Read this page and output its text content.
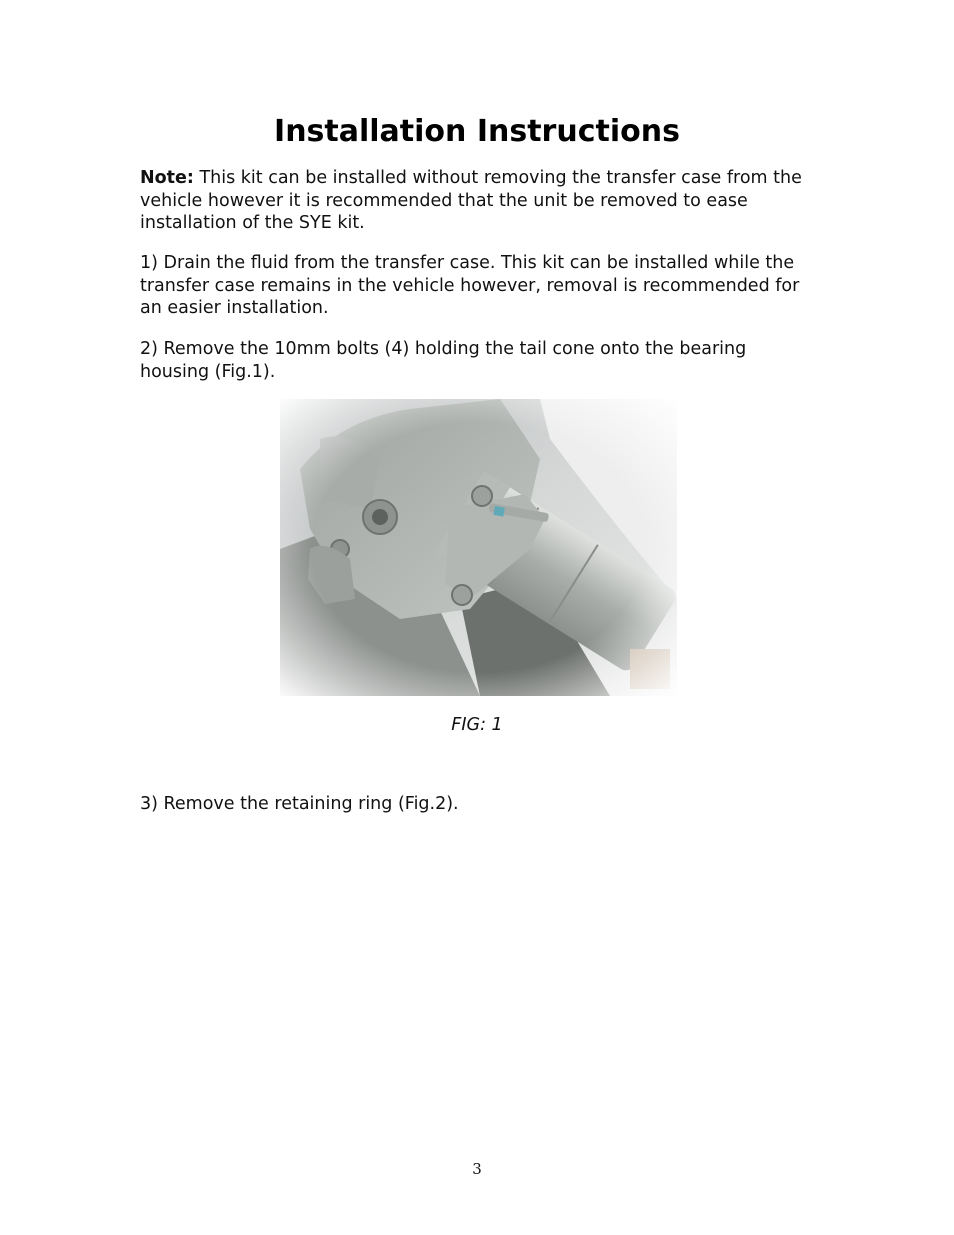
Installation Instructions

Note: This kit can be installed without removing the transfer case from the vehicle however it is recommended that the unit be removed to ease installation of the SYE kit.

1) Drain the fluid from the transfer case. This kit can be installed while the transfer case remains in the vehicle however, removal is recommended for an easier installation.

2) Remove the 10mm bolts (4) holding the tail cone onto the bearing housing (Fig.1).

FIG: 1

3) Remove the retaining ring (Fig.2).

3
